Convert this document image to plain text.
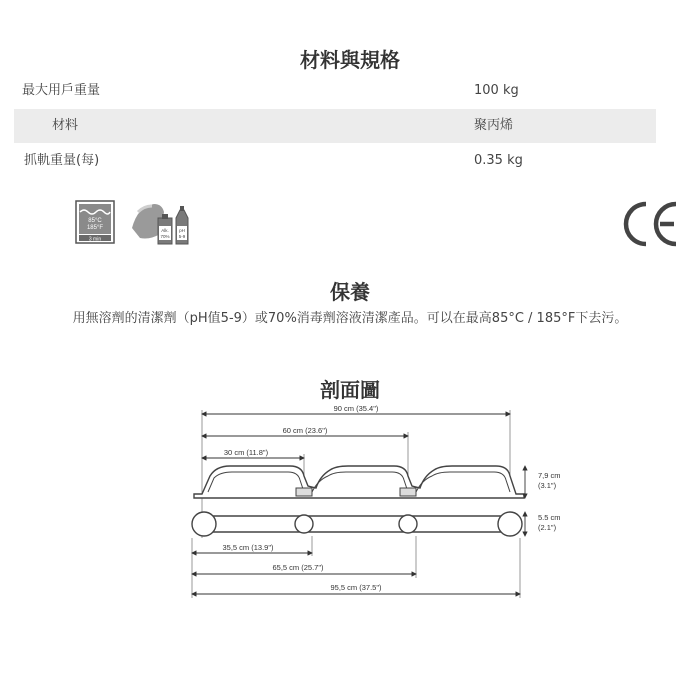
材料與規格
最大用戶重量	100 kg
材料	聚丙烯
抓軌重量(每)	0.35 kg
85°C
185°F
3 min
Alk.
70%
pH
5-9
保養
用無溶劑的清潔劑（pH值5-9）或70%消毒劑溶液清潔產品。可以在最高85°C / 185°F下去污。
剖面圖
90 cm (35.4")
60 cm (23.6")
30 cm (11.8")
7,9 cm
(3.1")
5.5 cm
(2.1")
35,5 cm (13.9")
65,5 cm (25.7")
95,5 cm (37.5")
